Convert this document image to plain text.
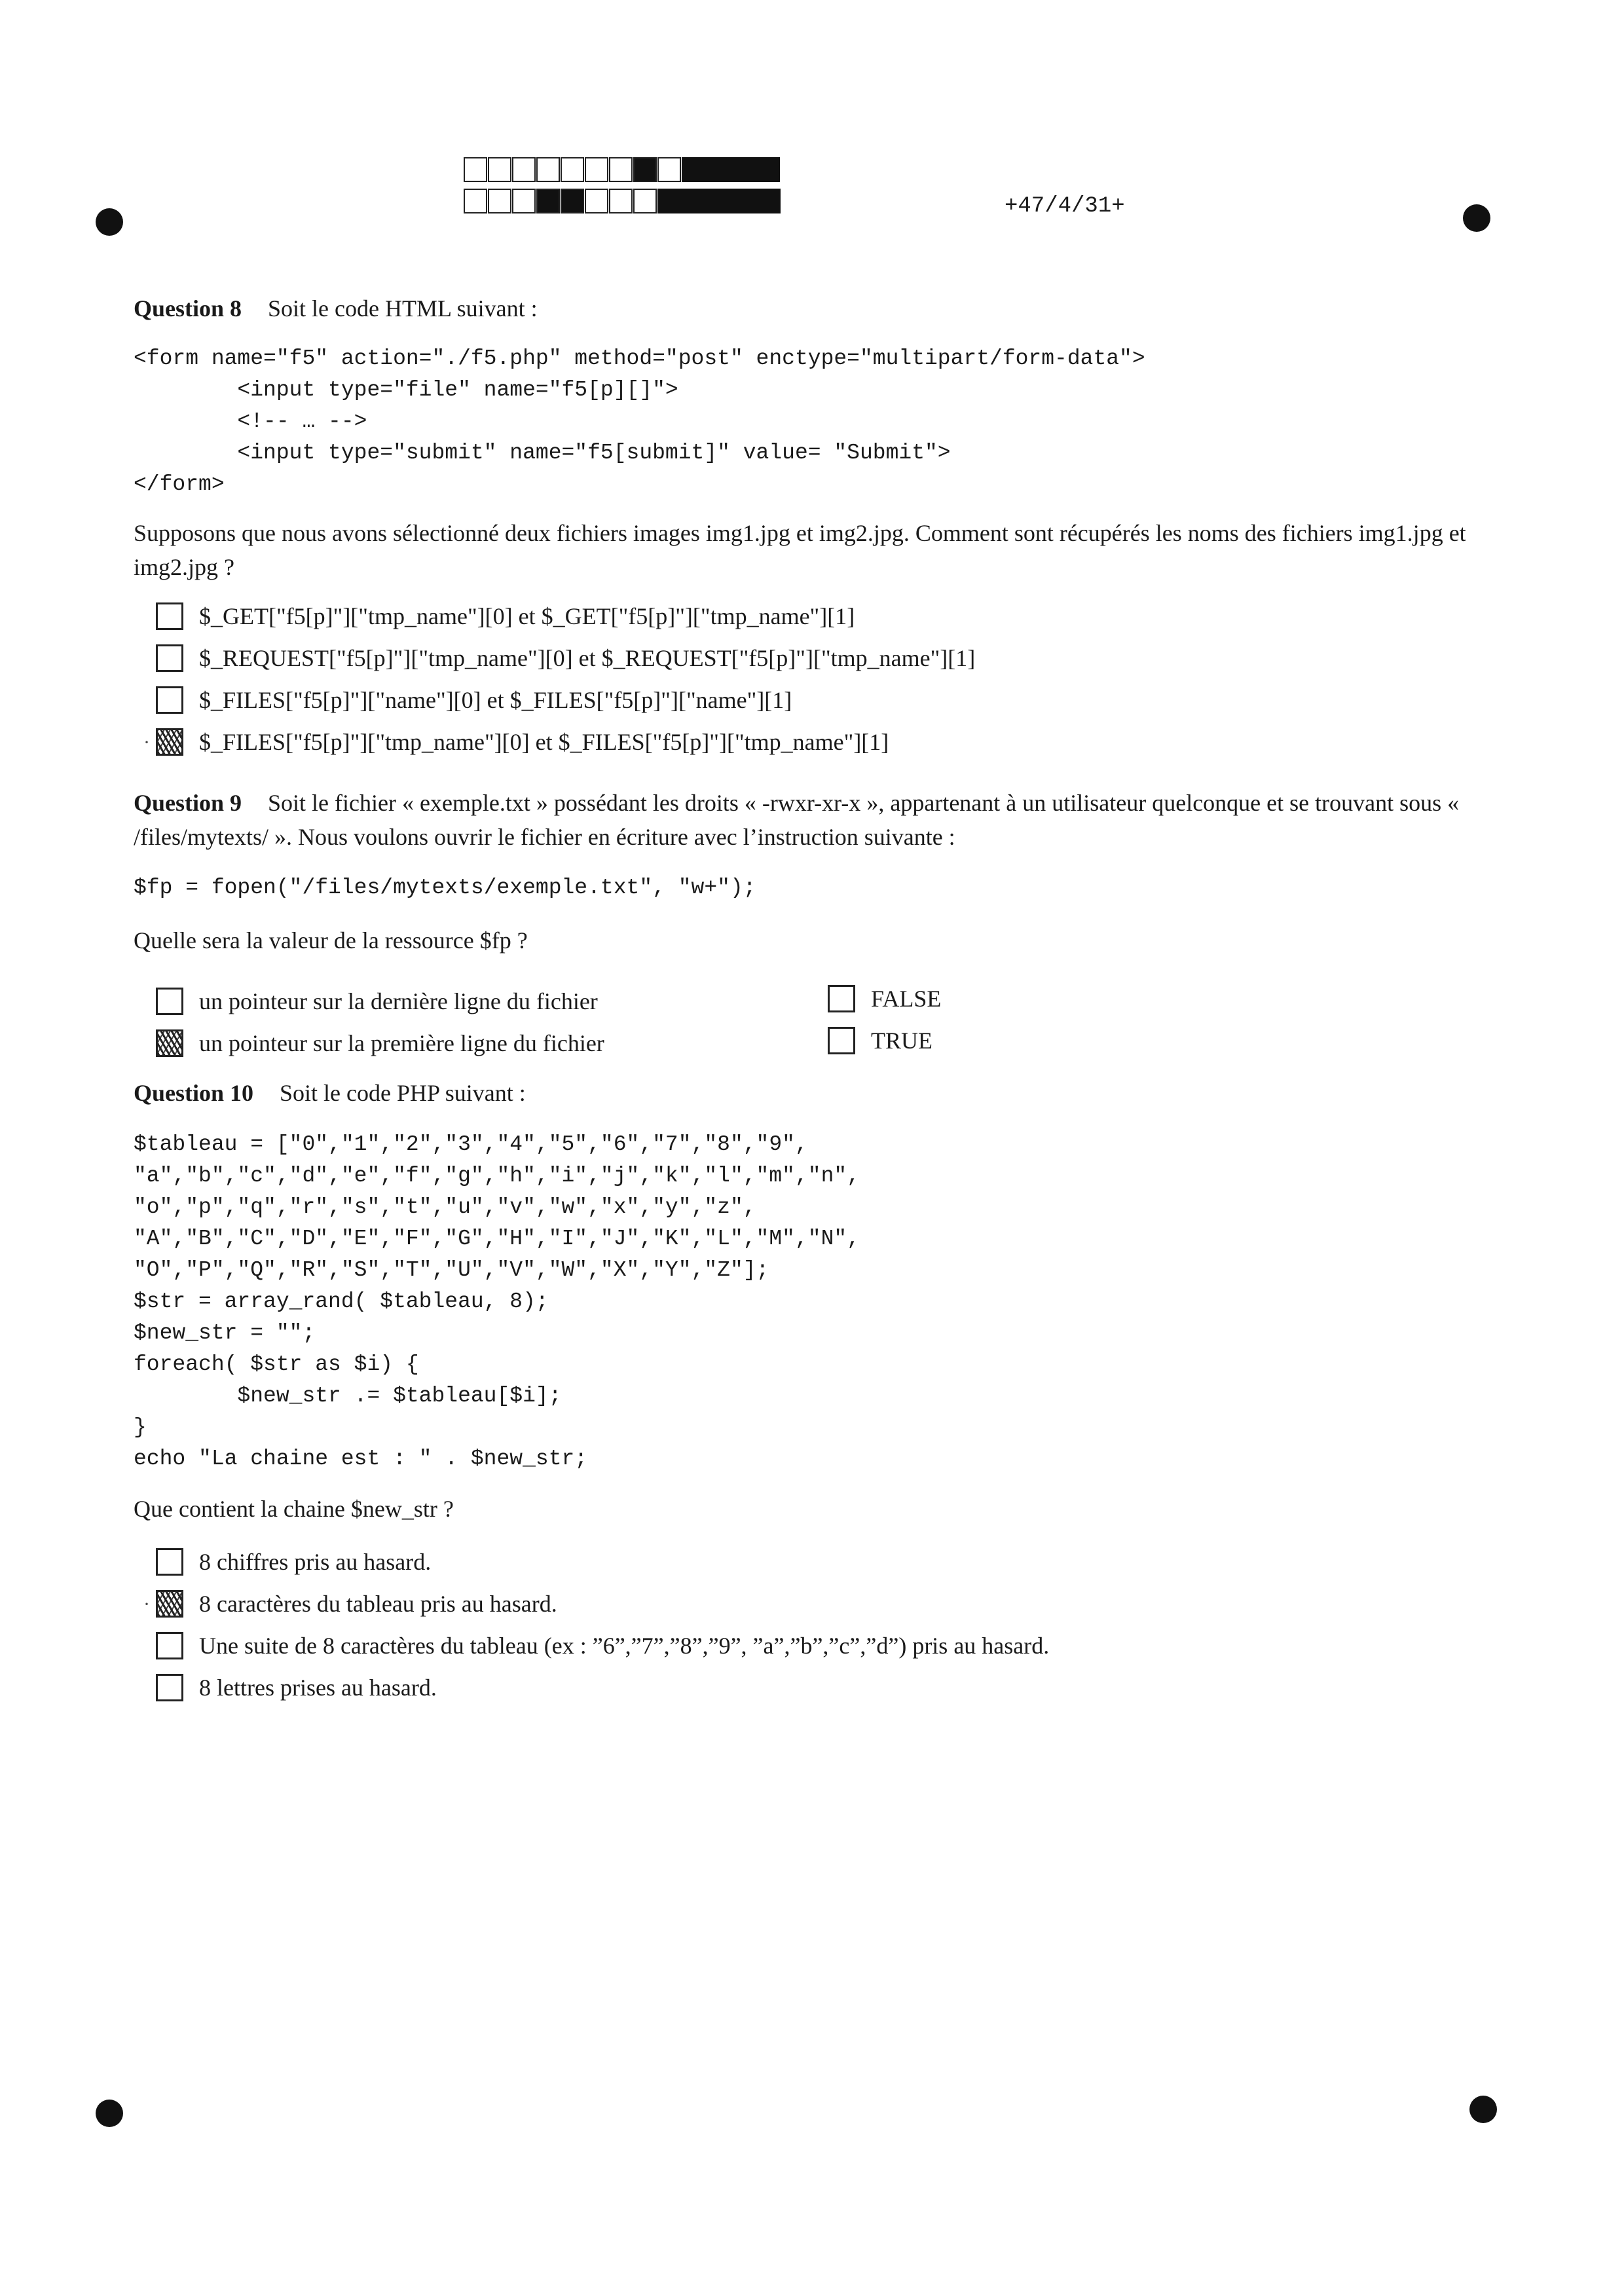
+47/4/31+
Question 8 Soit le code HTML suivant :
<form name="f5" action="./f5.php" method="post" enctype="multipart/form-data">
<input type="file" name="f5[p][]">
<!-- … -->
<input type="submit" name="f5[submit]" value= "Submit">
</form>
Supposons que nous avons sélectionné deux fichiers images img1.jpg et img2.jpg. Comment sont récupérés les noms des fichiers img1.jpg et img2.jpg ?
$_GET["f5[p]"]["tmp_name"][0] et $_GET["f5[p]"]["tmp_name"][1]
$_REQUEST["f5[p]"]["tmp_name"][0] et $_REQUEST["f5[p]"]["tmp_name"][1]
$_FILES["f5[p]"]["name"][0] et $_FILES["f5[p]"]["name"][1]
· $_FILES["f5[p]"]["tmp_name"][0] et $_FILES["f5[p]"]["tmp_name"][1]
Question 9 Soit le fichier « exemple.txt » possédant les droits « -rwxr-xr-x », appartenant à un utilisateur quelconque et se trouvant sous « /files/mytexts/ ». Nous voulons ouvrir le fichier en écriture avec l’instruction suivante :
$fp = fopen("/files/mytexts/exemple.txt", "w+");
Quelle sera la valeur de la ressource $fp ?
un pointeur sur la dernière ligne du fichier
un pointeur sur la première ligne du fichier
FALSE
TRUE
Question 10 Soit le code PHP suivant :
$tableau = ["0","1","2","3","4","5","6","7","8","9",
"a","b","c","d","e","f","g","h","i","j","k","l","m","n",
"o","p","q","r","s","t","u","v","w","x","y","z",
"A","B","C","D","E","F","G","H","I","J","K","L","M","N",
"O","P","Q","R","S","T","U","V","W","X","Y","Z"];
$str = array_rand( $tableau, 8);
$new_str = "";
foreach( $str as $i) {
$new_str .= $tableau[$i];
}
echo "La chaine est : " . $new_str;
Que contient la chaine $new_str ?
8 chiffres pris au hasard.
· 8 caractères du tableau pris au hasard.
Une suite de 8 caractères du tableau (ex : ”6”,”7”,”8”,”9”, ”a”,”b”,”c”,”d”) pris au hasard.
8 lettres prises au hasard.
